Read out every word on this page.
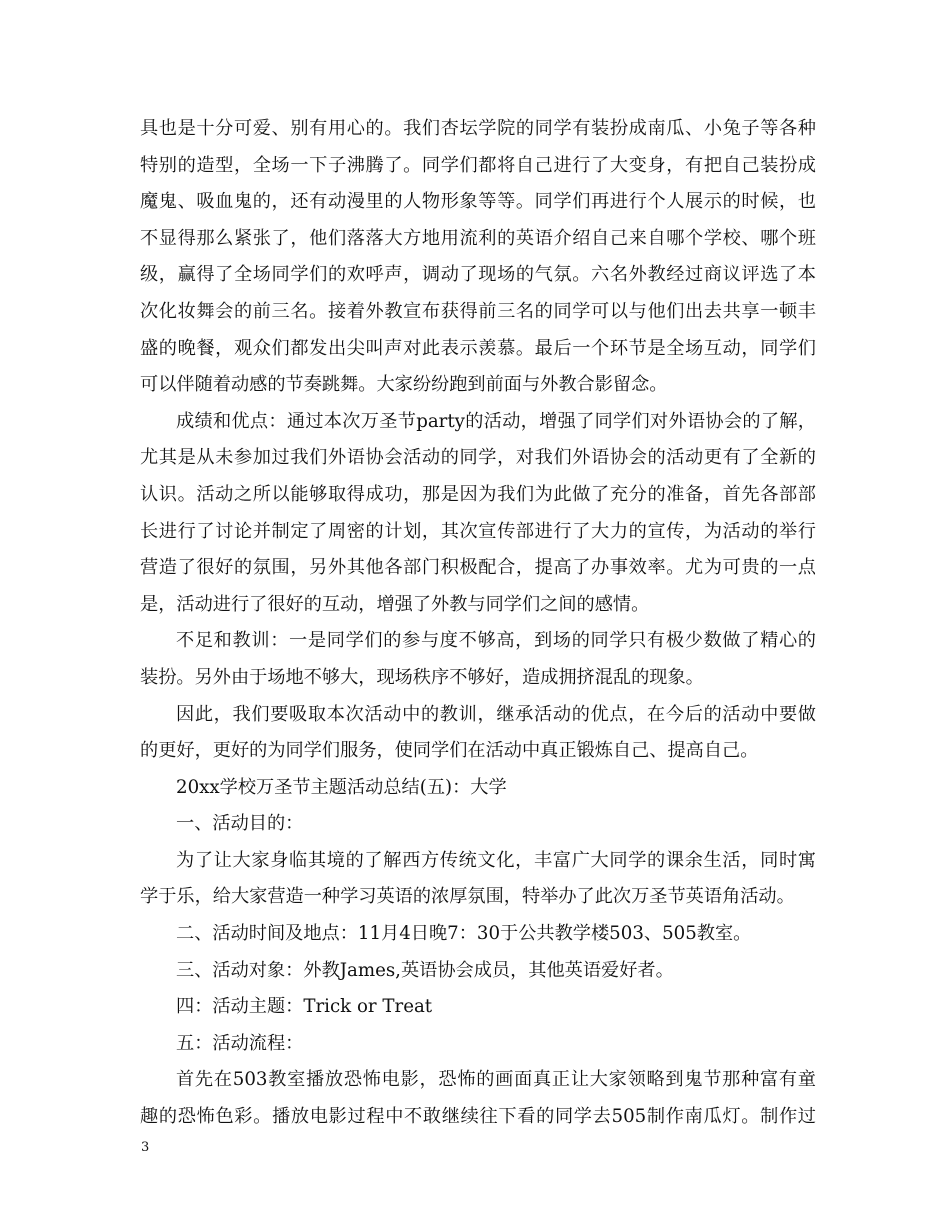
具也是十分可爱、别有用心的。我们杏坛学院的同学有装扮成南瓜、小兔子等各种
特别的造型，全场一下子沸腾了。同学们都将自己进行了大变身，有把自己装扮成
魔鬼、吸血鬼的，还有动漫里的人物形象等等。同学们再进行个人展示的时候，也
不显得那么紧张了，他们落落大方地用流利的英语介绍自己来自哪个学校、哪个班
级，赢得了全场同学们的欢呼声，调动了现场的气氛。六名外教经过商议评选了本
次化妆舞会的前三名。接着外教宣布获得前三名的同学可以与他们出去共享一顿丰
盛的晚餐，观众们都发出尖叫声对此表示羡慕。最后一个环节是全场互动，同学们
可以伴随着动感的节奏跳舞。大家纷纷跑到前面与外教合影留念。
成绩和优点：通过本次万圣节party的活动，增强了同学们对外语协会的了解，
尤其是从未参加过我们外语协会活动的同学，对我们外语协会的活动更有了全新的
认识。活动之所以能够取得成功，那是因为我们为此做了充分的准备，首先各部部
长进行了讨论并制定了周密的计划，其次宣传部进行了大力的宣传，为活动的举行
营造了很好的氛围，另外其他各部门积极配合，提高了办事效率。尤为可贵的一点
是，活动进行了很好的互动，增强了外教与同学们之间的感情。
不足和教训：一是同学们的参与度不够高，到场的同学只有极少数做了精心的
装扮。另外由于场地不够大，现场秩序不够好，造成拥挤混乱的现象。
因此，我们要吸取本次活动中的教训，继承活动的优点，在今后的活动中要做
的更好，更好的为同学们服务，使同学们在活动中真正锻炼自己、提高自己。
20xx学校万圣节主题活动总结(五)：大学
一、活动目的：
为了让大家身临其境的了解西方传统文化，丰富广大同学的课余生活，同时寓
学于乐，给大家营造一种学习英语的浓厚氛围，特举办了此次万圣节英语角活动。
二、活动时间及地点：11月4日晚7：30于公共教学楼503、505教室。
三、活动对象：外教James,英语协会成员，其他英语爱好者。
四：活动主题：Trick or Treat
五：活动流程：
首先在503教室播放恐怖电影，恐怖的画面真正让大家领略到鬼节那种富有童
趣的恐怖色彩。播放电影过程中不敢继续往下看的同学去505制作南瓜灯。制作过
3
